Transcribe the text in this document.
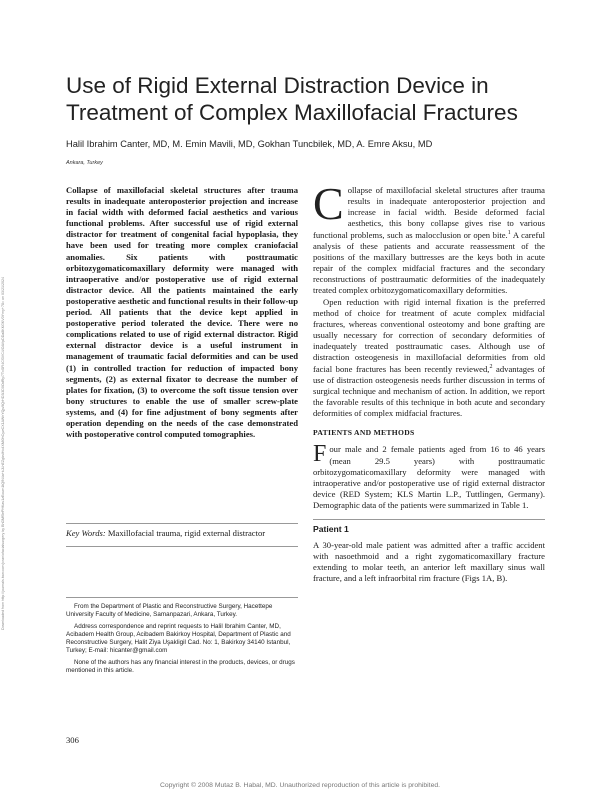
Downloaded from http://journals.lww.com/jcraniofacialsurgery by BhDMf5ePHKav1zEoum1tQfN4a+kJLhEZgbsIHo4XMi0hCywCX1AWnYQp/IlQrHD3i3D0OdRyi7TvSFl4Cf3VC4/OAVpDDa8KKGKV0Ymy+78= on 03/21/2024
Use of Rigid External Distraction Device in Treatment of Complex Maxillofacial Fractures
Halil Ibrahim Canter, MD, M. Emin Mavili, MD, Gokhan Tuncbilek, MD, A. Emre Aksu, MD
Ankara, Turkey

Collapse of maxillofacial skeletal structures after trauma results in inadequate anteroposterior projection and increase in facial width with deformed facial aesthetics and various functional problems. After successful use of rigid external distractor for treatment of congenital facial hypoplasia, they have been used for treating more complex craniofacial anomalies. Six patients with posttraumatic orbitozygomaticomaxillary deformity were managed with intraoperative and/or postoperative use of rigid external distractor device. All the patients maintained the early postoperative aesthetic and functional results in their follow-up period. All patients that the device kept applied in postoperative period tolerated the device. There were no complications related to use of rigid external distractor. Rigid external distractor device is a useful instrument in management of traumatic facial deformities and can be used (1) in controlled traction for reduction of impacted bony segments, (2) as external fixator to decrease the number of plates for fixation, (3) to overcome the soft tissue tension over bony structures to enable the use of smaller screw-plate systems, and (4) for fine adjustment of bony segments after operation depending on the needs of the case demonstrated with postoperative control computed tomographies.

Key Words: Maxillofacial trauma, rigid external distractor

From the Department of Plastic and Reconstructive Surgery, Hacettepe University Faculty of Medicine, Samanpazari, Ankara, Turkey.

Address correspondence and reprint requests to Halil Ibrahim Canter, MD, Acibadem Health Group, Acibadem Bakirkoy Hospital, Department of Plastic and Reconstructive Surgery, Halit Ziya Uşakligil Cad. No: 1, Bakirkoy 34140 Istanbul, Turkey; E-mail: hicanter@gmail.com

None of the authors has any financial interest in the products, devices, or drugs mentioned in this article.

306

Collapse of maxillofacial skeletal structures after trauma results in inadequate anteroposterior projection and increase in facial width. Beside deformed facial aesthetics, this bony collapse gives rise to various functional problems, such as malocclusion or open bite.$^1$ A careful analysis of these patients and accurate reassessment of the positions of the maxillary buttresses are the keys both in acute repair of the complex midfacial fractures and the secondary reconstructions of posttraumatic deformities of the inadequately treated complex orbitozygomaticomaxillary deformities.

Open reduction with rigid internal fixation is the preferred method of choice for treatment of acute complex midfacial fractures, whereas conventional osteotomy and bone grafting are usually necessary for correction of secondary deformities of inadequately treated posttraumatic cases. Although use of distraction osteogenesis in maxillofacial deformities from old facial bone fractures has been recently reviewed,$^2$ advantages of use of distraction osteogenesis needs further discussion in terms of surgical technique and mechanism of action. In addition, we report the favorable results of this technique in both acute and secondary deformities of complex midfacial fractures.

PATIENTS AND METHODS

Four male and 2 female patients aged from 16 to 46 years (mean 29.5 years) with posttraumatic orbitozygomaticomaxillary deformity were managed with intraoperative and/or postoperative use of rigid external distractor device (RED System; KLS Martin L.P., Tuttlingen, Germany). Demographic data of the patients were summarized in Table 1.

Patient 1

A 30-year-old male patient was admitted after a traffic accident with nasoethmoid and a right zygomaticomaxillary fracture extending to molar teeth, an anterior left maxillary sinus wall fracture, and a left infraorbital rim fracture (Figs 1A, B).

Copyright © 2008 Mutaz B. Habal, MD. Unauthorized reproduction of this article is prohibited.
